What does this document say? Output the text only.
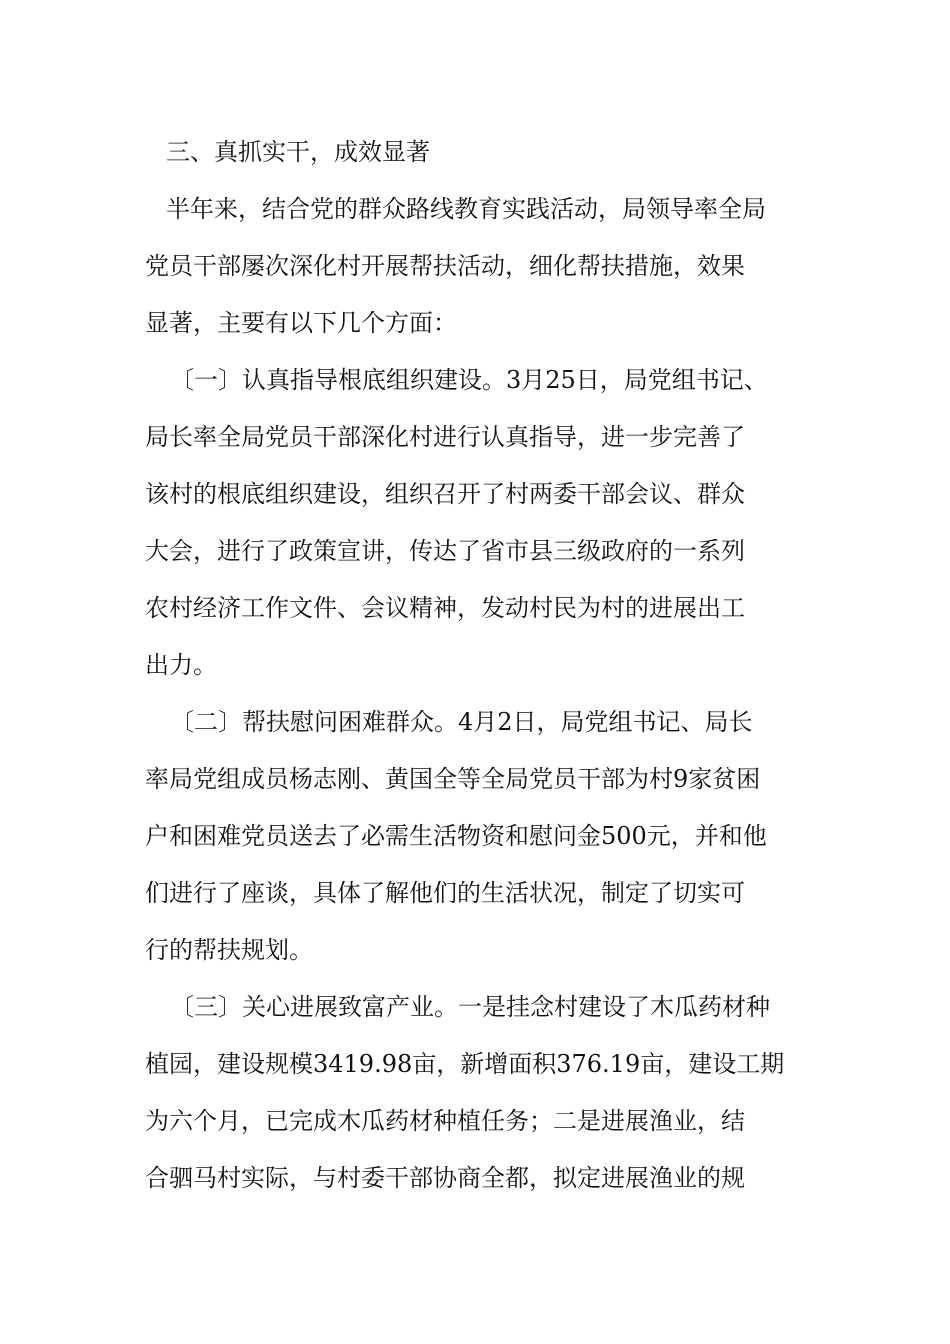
三、真抓实干，成效显著
半年来，结合党的群众路线教育实践活动，局领导率全局
党员干部屡次深化村开展帮扶活动，细化帮扶措施，效果
显著，主要有以下几个方面：
〔一〕认真指导根底组织建设。3月25日，局党组书记、
局长率全局党员干部深化村进行认真指导，进一步完善了
该村的根底组织建设，组织召开了村两委干部会议、群众
大会，进行了政策宣讲，传达了省市县三级政府的一系列
农村经济工作文件、会议精神，发动村民为村的进展出工
出力。
〔二〕帮扶慰问困难群众。4月2日，局党组书记、局长
率局党组成员杨志刚、黄国全等全局党员干部为村9家贫困
户和困难党员送去了必需生活物资和慰问金500元，并和他
们进行了座谈，具体了解他们的生活状况，制定了切实可
行的帮扶规划。
〔三〕关心进展致富产业。一是挂念村建设了木瓜药材种
植园，建设规模3419.98亩，新增面积376.19亩，建设工期
为六个月，已完成木瓜药材种植任务；二是进展渔业，结
合驷马村实际，与村委干部协商全都，拟定进展渔业的规
